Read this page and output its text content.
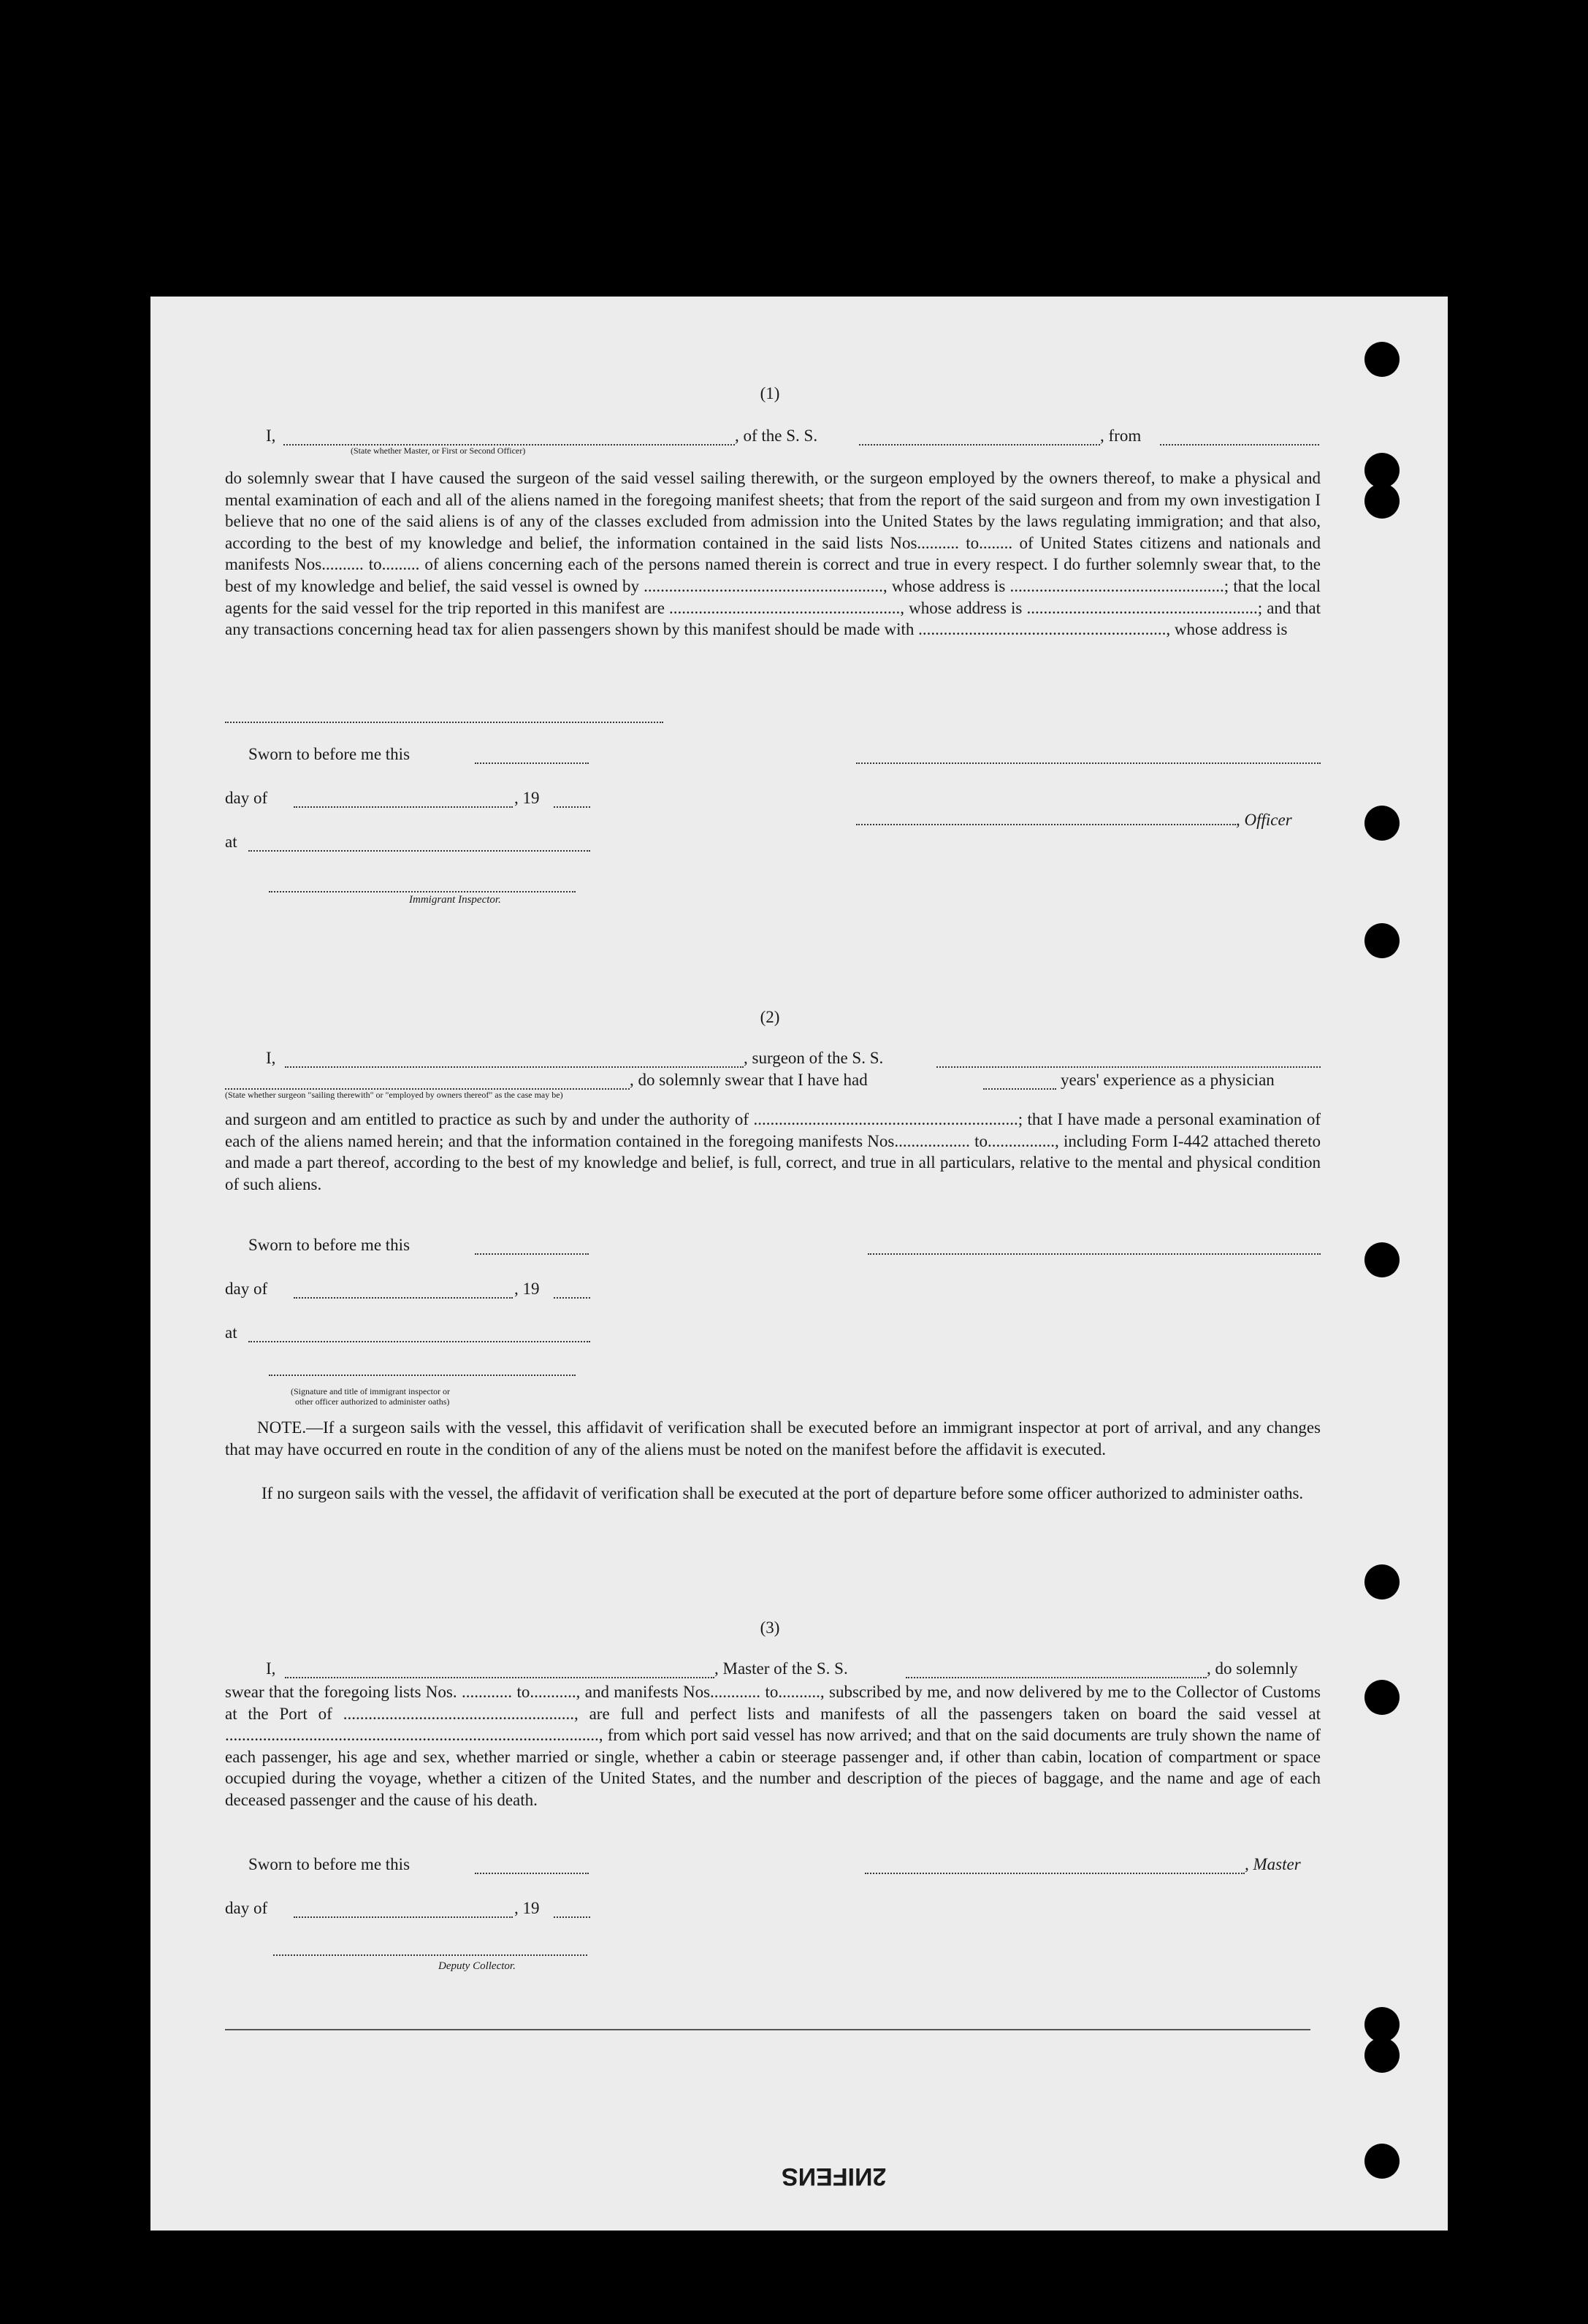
(1)
I,	, of the S. S.	, from
(State whether Master, or First or Second Officer)
do solemnly swear that I have caused the surgeon of the said vessel sailing therewith, or the surgeon employed by the owners thereof, to make a physical and mental examination of each and all of the aliens named in the foregoing manifest sheets; that from the report of the said surgeon and from my own investigation I believe that no one of the said aliens is of any of the classes excluded from admission into the United States by the laws regulating immigration; and that also, according to the best of my knowledge and belief, the information contained in the said lists Nos.......... to........ of United States citizens and nationals and manifests Nos.......... to......... of aliens concerning each of the persons named therein is correct and true in every respect. I do further solemnly swear that, to the best of my knowledge and belief, the said vessel is owned by ........................................................., whose address is ...................................................; that the local agents for the said vessel for the trip reported in this manifest are ......................................................., whose address is .......................................................; and that any transactions concerning head tax for alien passengers shown by this manifest should be made with ..........................................................., whose address is
Sworn to before me this
day of	, 19
, Officer
at
Immigrant Inspector.
(2)
I,	, surgeon of the S. S.
, do solemnly swear that I have had	years' experience as a physician
(State whether surgeon "sailing therewith" or "employed by owners thereof" as the case may be)
and surgeon and am entitled to practice as such by and under the authority of ...............................................................; that I have made a personal examination of each of the aliens named herein; and that the information contained in the foregoing manifests Nos.................. to................, including Form I-442 attached thereto and made a part thereof, according to the best of my knowledge and belief, is full, correct, and true in all particulars, relative to the mental and physical condition of such aliens.
Sworn to before me this
day of	, 19
at
(Signature and title of immigrant inspector or
other officer authorized to administer oaths)
NOTE.—If a surgeon sails with the vessel, this affidavit of verification shall be executed before an immigrant inspector at port of arrival, and any changes that may have occurred en route in the condition of any of the aliens must be noted on the manifest before the affidavit is executed.
If no surgeon sails with the vessel, the affidavit of verification shall be executed at the port of departure before some officer authorized to administer oaths.
(3)
I,	, Master of the S. S.	, do solemnly
swear that the foregoing lists Nos. ............ to..........., and manifests Nos............ to.........., subscribed by me, and now delivered by me to the Collector of Customs at the Port of ......................................................., are full and perfect lists and manifests of all the passengers taken on board the said vessel at ........................................................................................., from which port said vessel has now arrived; and that on the said documents are truly shown the name of each passenger, his age and sex, whether married or single, whether a cabin or steerage passenger and, if other than cabin, location of compartment or space occupied during the voyage, whether a citizen of the United States, and the number and description of the pieces of baggage, and the name and age of each deceased passenger and the cause of his death.
Sworn to before me this	, Master
day of	, 19
Deputy Collector.
2ИIFEИS
